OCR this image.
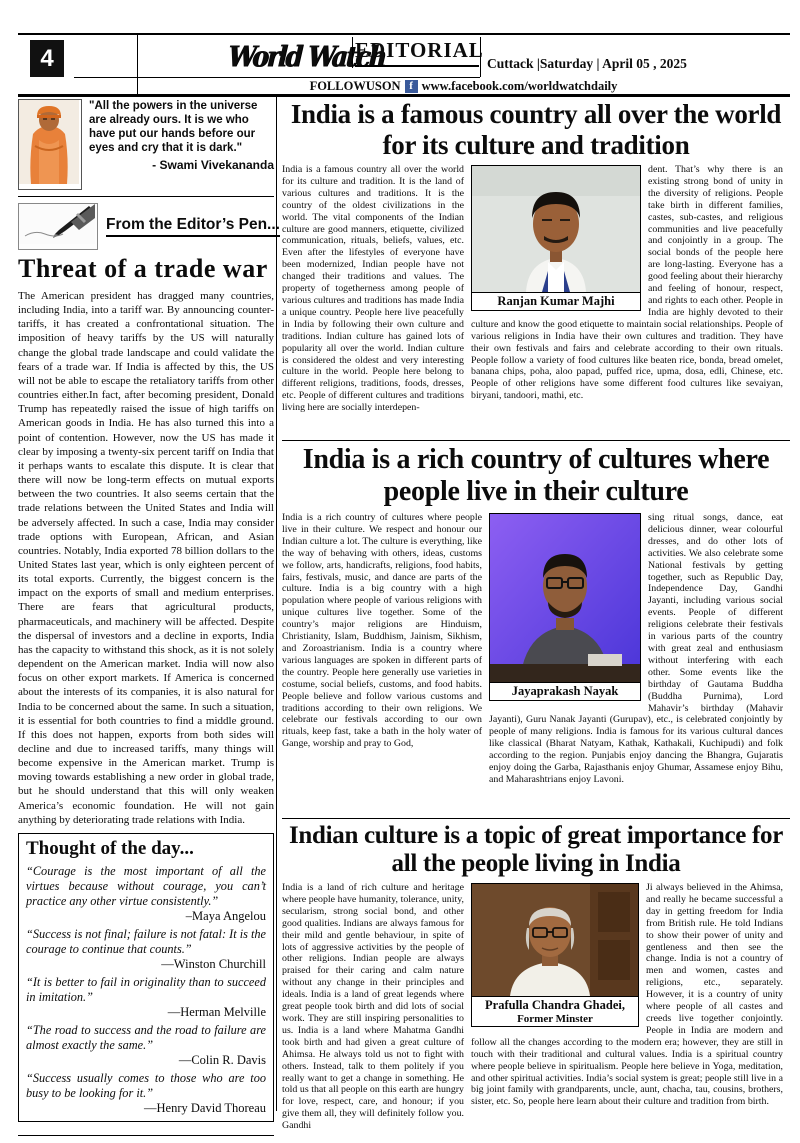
4	World Watch
EDITORIAL
Cuttack |Saturday | April 05 , 2025
FOLLOWUSON f www.facebook.com/worldwatchdaily
"All the powers in the universe are already ours. It is we who have put our hands before our eyes and cry that it is dark."
- Swami Vivekananda
From the Editor’s Pen...
Threat of a trade war
The American president has dragged many countries, including India, into a tariff war. By announcing counter-tariffs, it has created a confrontational situation. The imposition of heavy tariffs by the US will naturally change the global trade landscape and could validate the fears of a trade war. If India is affected by this, the US will not be able to escape the retaliatory tariffs from other countries either.In fact, after becoming president, Donald Trump has repeatedly raised the issue of high tariffs on American goods in India. He has also turned this into a point of contention. However, now the US has made it clear by imposing a twenty-six percent tariff on India that it perhaps wants to escalate this dispute. It is clear that there will now be long-term effects on mutual exports between the two countries. It also seems certain that the trade relations between the United States and India will be adversely affected. In such a case, India may consider trade options with European, African, and Asian countries. Notably, India exported 78 billion dollars to the United States last year, which is only eighteen percent of its total exports. Currently, the biggest concern is the impact on the exports of small and medium enterprises. There are fears that agricultural products, pharmaceuticals, and machinery will be affected. Despite the dispersal of investors and a decline in exports, India has the capacity to withstand this shock, as it is not solely dependent on the American market. India will now also focus on other export markets. If America is concerned about the interests of its companies, it is also natural for India to be concerned about the same. In such a situation, it is essential for both countries to find a middle ground. If this does not happen, exports from both sides will decline and due to increased tariffs, many things will become expensive in the American market. Trump is moving towards establishing a new order in global trade, but he should understand that this will only weaken America’s economic foundation. He will not gain anything by deteriorating trade relations with India.
Thought of the day...
“Courage is the most important of all the virtues because without courage, you can’t practice any other virtue consistently.”
–Maya Angelou
“Success is not final; failure is not fatal: It is the courage to continue that counts.”
—Winston Churchill
“It is better to fail in originality than to succeed in imitation.”
—Herman Melville
“The road to success and the road to failure are almost exactly the same.”
—Colin R. Davis
“Success usually comes to those who are too busy to be looking for it.”
—Henry David Thoreau
India is a famous country all over the world for its culture and tradition
India is a famous country all over the world for its culture and tradition. It is the land of various cultures and traditions. It is the country of the oldest civilizations in the world. The vital components of the Indian culture are good manners, etiquette, civilized communication, rituals, beliefs, values, etc. Even after the lifestyles of everyone have been modernized, Indian people have not changed their traditions and values. The property of togetherness among people of various cultures and traditions has made India a unique country. People here live peacefully in India by following their own culture and traditions. Indian culture has gained lots of popularity all over the world. Indian culture is considered the oldest and very interesting culture in the world. People here belong to different religions, traditions, foods, dresses, etc. People of different cultures and traditions living here are socially interdepen-
Ranjan Kumar Majhi
dent. That’s why there is an existing strong bond of unity in the diversity of religions. People take birth in different families, castes, sub-castes, and religious communities and live peacefully and conjointly in a group. The social bonds of the people here are long-lasting. Everyone has a good feeling about their hierarchy and feeling of honour, respect, and rights to each other. People in India are highly devoted to their culture and know the good etiquette to maintain social relationships. People of various religions in India have their own cultures and tradition. They have their own festivals and fairs and celebrate according to their own rituals. People follow a variety of food cultures like beaten rice, bonda, bread omelet, banana chips, poha, aloo papad, puffed rice, upma, dosa, edli, Chinese, etc. People of other religions have some different food cultures like sevaiyan, biryani, tandoori, mathi, etc.
India is a rich country of cultures where people live in their culture
India is a rich country of cultures where people live in their culture. We respect and honour our Indian culture a lot. The culture is everything, like the way of behaving with others, ideas, customs we follow, arts, handicrafts, religions, food habits, fairs, festivals, music, and dance are parts of the culture. India is a big country with a high population where people of various religions with unique cultures live together. Some of the country’s major religions are Hinduism, Christianity, Islam, Buddhism, Jainism, Sikhism, and Zoroastrianism. India is a country where various languages are spoken in different parts of the country. People here generally use varieties in costume, social beliefs, customs, and food habits. People believe and follow various customs and traditions according to their own religions. We celebrate our festivals according to our own rituals, keep fast, take a bath in the holy water of Gange, worship and pray to God,
Jayaprakash Nayak
sing ritual songs, dance, eat delicious dinner, wear colourful dresses, and do other lots of activities. We also celebrate some National festivals by getting together, such as Republic Day, Independence Day, Gandhi Jayanti, including various social events. People of different religions celebrate their festivals in various parts of the country with great zeal and enthusiasm without interfering with each other. Some events like the birthday of Gautama Buddha (Buddha Purnima), Lord Mahavir’s birthday (Mahavir Jayanti), Guru Nanak Jayanti (Gurupav), etc., is celebrated conjointly by people of many religions. India is famous for its various cultural dances like classical (Bharat Natyam, Kathak, Kathakali, Kuchipudi) and folk according to the region. Punjabis enjoy dancing the Bhangra, Gujaratis enjoy doing the Garba, Rajasthanis enjoy Ghumar, Assamese enjoy Bihu, and Maharashtrians enjoy Lavoni.
Indian culture is a topic of great importance for all the people living in India
India is a land of rich culture and heritage where people have humanity, tolerance, unity, secularism, strong social bond, and other good qualities. Indians are always famous for their mild and gentle behaviour, in spite of lots of aggressive activities by the people of other religions. Indian people are always praised for their caring and calm nature without any change in their principles and ideals. India is a land of great legends where great people took birth and did lots of social work. They are still inspiring personalities to us. India is a land where Mahatma Gandhi took birth and had given a great culture of Ahimsa. He always told us not to fight with others. Instead, talk to them politely if you really want to get a change in something. He told us that all people on this earth are hungry for love, respect, care, and honour; if you give them all, they will definitely follow you. Gandhi
Prafulla Chandra Ghadei,
Former Minster
Ji always believed in the Ahimsa, and really he became successful a day in getting freedom for India from British rule. He told Indians to show their power of unity and gentleness and then see the change. India is not a country of men and women, castes and religions, etc., separately. However, it is a country of unity where people of all castes and creeds live together conjointly. People in India are modern and follow all the changes according to the modern era; however, they are still in touch with their traditional and cultural values. India is a spiritual country where people believe in spiritualism. People here believe in Yoga, meditation, and other spiritual activities. India’s social system is great; people still live in a big joint family with grandparents, uncle, aunt, chacha, tau, cousins, brothers, sister, etc. So, people here learn about their culture and tradition from birth.
